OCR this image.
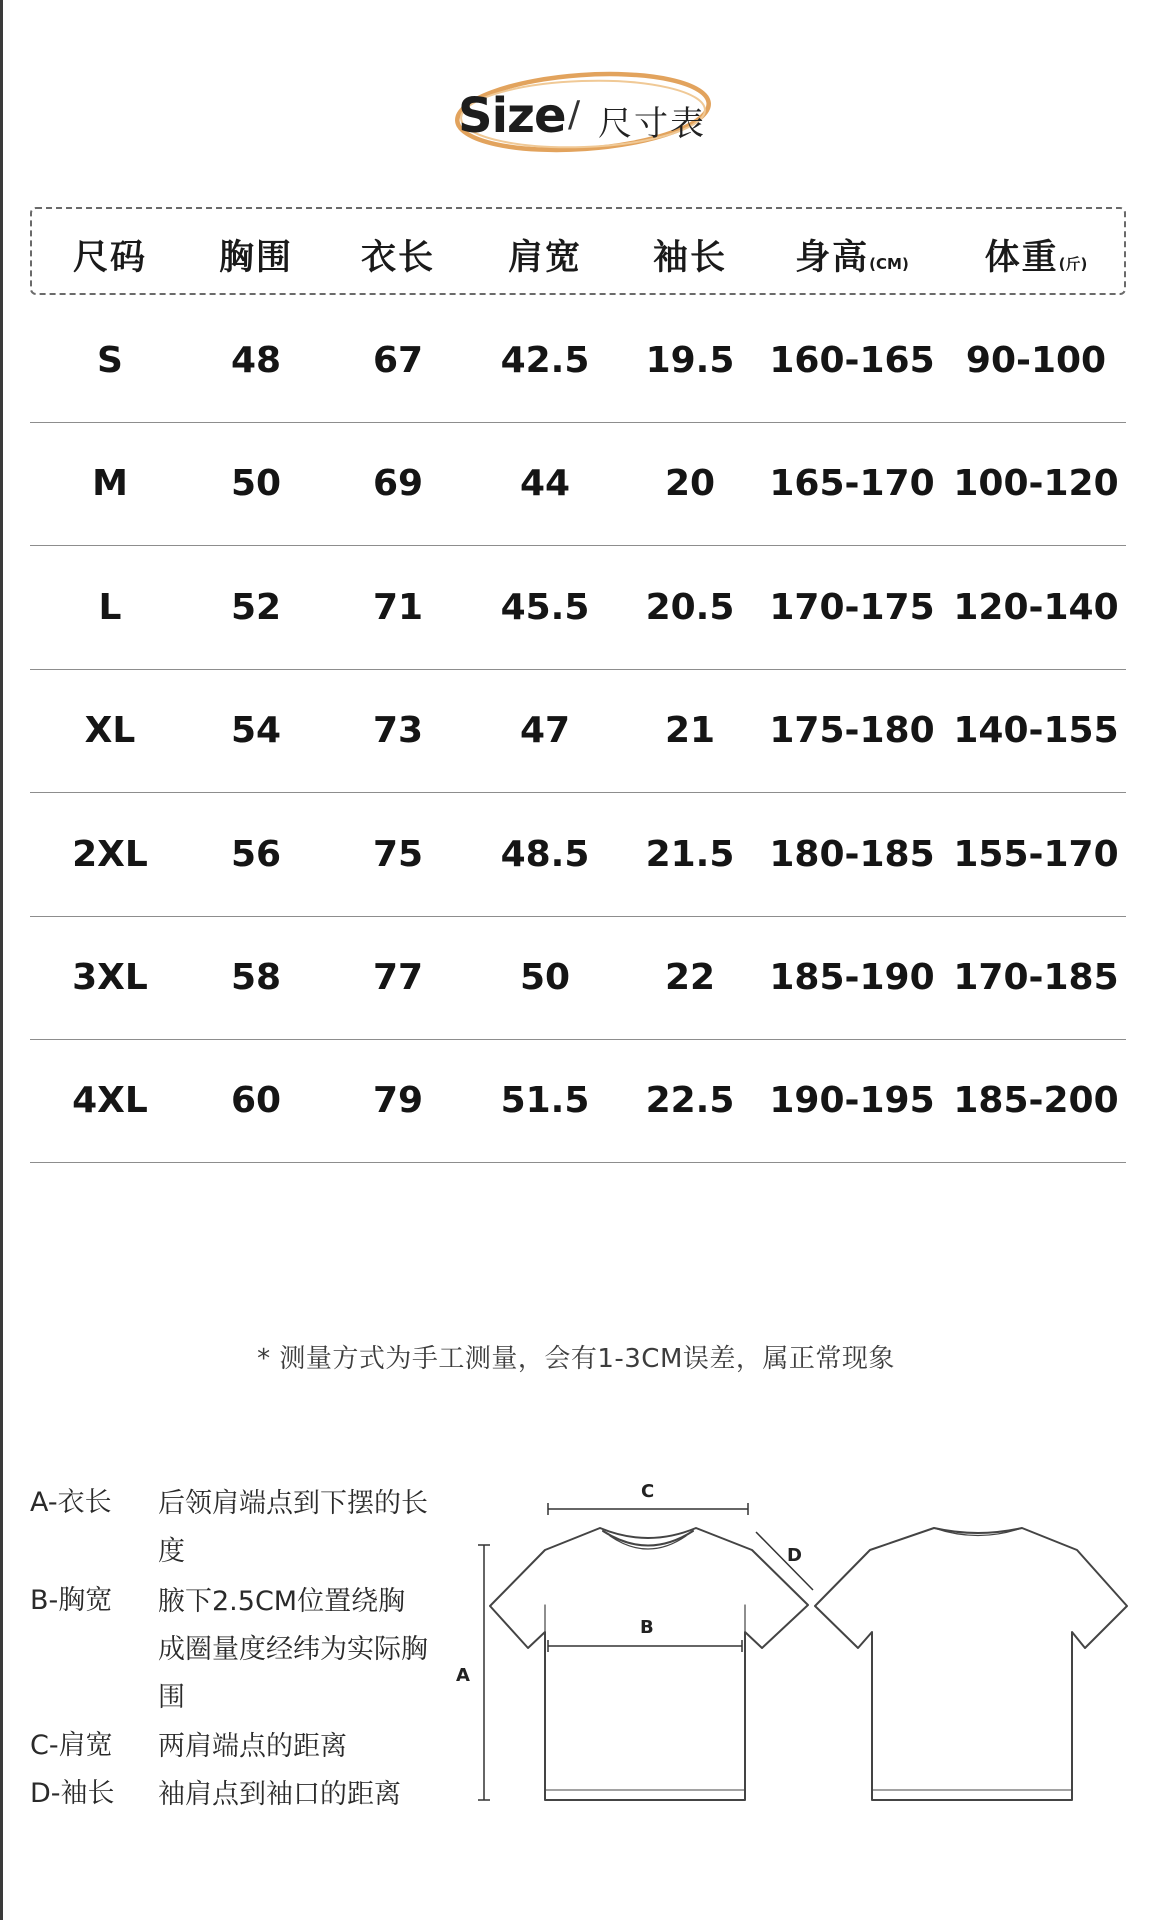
Size / 尺寸表
尺码 胸围 衣长 肩宽 袖长 身高(CM) 体重(斤)
S	48	67 42.5 19.5 160-165 90-100
M	50	69	44	20 165-170 100-120
L	52	71 45.5 20.5 170-175 120-140
XL	54	73	47	21 175-180 140-155
2XL 56	75 48.5 21.5 180-185 155-170
3XL 58	77	50	22 185-190 170-185
4XL 60	79 51.5 22.5 190-195 185-200
* 测量方式为手工测量，会有1-3CM误差，属正常现象
A-衣长 后领肩端点到下摆的长度
B-胸宽 腋下2.5CM位置绕胸成圈量度经纬为实际胸围
C-肩宽 两肩端点的距离
D-袖长 袖肩点到袖口的距离
A
B
C
D
